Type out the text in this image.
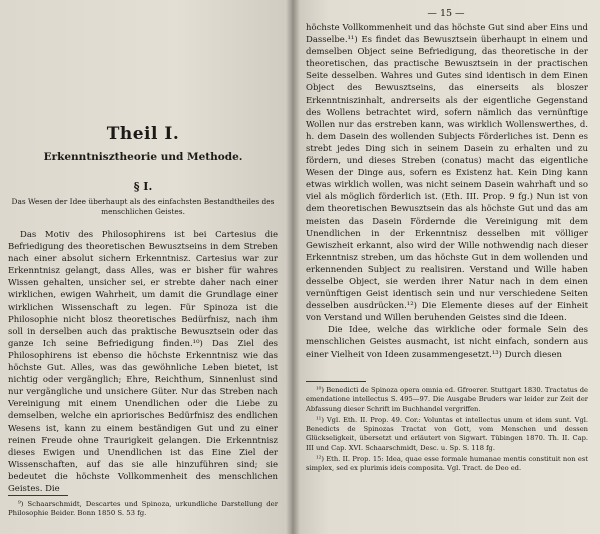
Theil I.
Erkenntnisztheorie und Methode.
§ I.
Das Wesen der Idee überhaupt als des einfachsten Bestandtheiles des menschlichen Geistes.

Das Motiv des Philosophirens ist bei Cartesius die Befriedigung des theoretischen Bewusztseins in dem Streben nach einer absolut sichern Erkenntnisz. Cartesius war zur Erkenntnisz gelangt, dass Alles, was er bisher für wahres Wissen gehalten, unsicher sei, er strebte daher nach einer wirklichen, ewigen Wahrheit, um damit die Grundlage einer wirklichen Wissenschaft zu legen. Für Spinoza ist die Philosophie nicht blosz theoretisches Bedürfnisz, nach ihm soll in derselben auch das praktische Bewusztsein oder das ganze Ich seine Befriedigung finden.¹⁰) Das Ziel des Philosophirens ist ebenso die höchste Erkenntnisz wie das höchste Gut. Alles, was das gewöhnliche Leben bietet, ist nichtig oder vergänglich; Ehre, Reichthum, Sinnenlust sind nur vergängliche und unsichere Güter. Nur das Streben nach Vereinigung mit einem Unendlichen oder die Liebe zu demselben, welche ein apriorisches Bedürfnisz des endlichen Wesens ist, kann zu einem beständigen Gut und zu einer reinen Freude ohne Traurigkeit gelangen. Die Erkenntnisz dieses Ewigen und Unendlichen ist das Eine Ziel der Wissenschaften, auf das sie alle hinzuführen sind; sie bedeutet die höchste Vollkommenheit des menschlichen Geistes. Die

⁹) Schaarschmidt, Descartes und Spinoza, urkundliche Darstellung der Philosophie Beider. Bonn 1850 S. 53 fg.
— 15 —

höchste Vollkommenheit und das höchste Gut sind aber Eins und Dasselbe.¹¹) Es findet das Bewusztsein überhaupt in einem und demselben Object seine Befriedigung, das theoretische in der theoretischen, das practische Bewusztsein in der practischen Seite desselben. Wahres und Gutes sind identisch in dem Einen Object des Bewusztseins, das einerseits als bloszer Erkenntniszinhalt, andrerseits als der eigentliche Gegenstand des Wollens betrachtet wird, sofern nämlich das vernünftige Wollen nur das erstreben kann, was wirklich Wollenswerthes, d. h. dem Dasein des wollenden Subjects Förderliches ist. Denn es strebt jedes Ding sich in seinem Dasein zu erhalten und zu fördern, und dieses Streben (conatus) macht das eigentliche Wesen der Dinge aus, sofern es Existenz hat. Kein Ding kann etwas wirklich wollen, was nicht seinem Dasein wahrhaft und so viel als möglich förderlich ist. (Eth. III. Prop. 9 fg.) Nun ist von dem theoretischen Bewusztsein das als höchste Gut und das am meisten das Dasein Fördernde die Vereinigung mit dem Unendlichen in der Erkenntnisz desselben mit völliger Gewiszheit erkannt, also wird der Wille nothwendig nach dieser Erkenntnisz streben, um das höchste Gut in dem wollenden und erkennenden Subject zu realisiren. Verstand und Wille haben desselbe Object, sie werden ihrer Natur nach in dem einen vernünftigen Geist identisch sein und nur verschiedene Seiten desselben ausdrücken.¹²) Die Elemente dieses auf der Einheit von Verstand und Willen beruhenden Geistes sind die Ideen.

Die Idee, welche das wirkliche oder formale Sein des menschlichen Geistes ausmacht, ist nicht einfach, sondern aus einer Vielheit von Ideen zusammengesetzt.¹³) Durch diesen

¹⁰) Benedicti de Spinoza opera omnia ed. Gfroerer. Stuttgart 1830. Tractatus de emendatione intellectus S. 495—97. Die Ausgabe Bruders war leider zur Zeit der Abfassung dieser Schrift im Buchhandel vergriffen.

¹¹) Vgl. Eth. II. Prop. 49. Cor.: Voluntas et intellectus unum et idem sunt. Vgl. Benedicts de Spinozas Tractat von Gott, vom Menschen und dessen Glückseligkeit, übersetzt und erläutert von Sigwart. Tübingen 1870. Th. II. Cap. III und Cap. XVI. Schaarschmidt, Desc. u. Sp. S. 118 fg.

¹²) Eth. II. Prop. 15: Idea, quae esse formale humanae mentis constituit non est simplex, sed ex plurimis ideis composita. Vgl. Tract. de Deo ed.
